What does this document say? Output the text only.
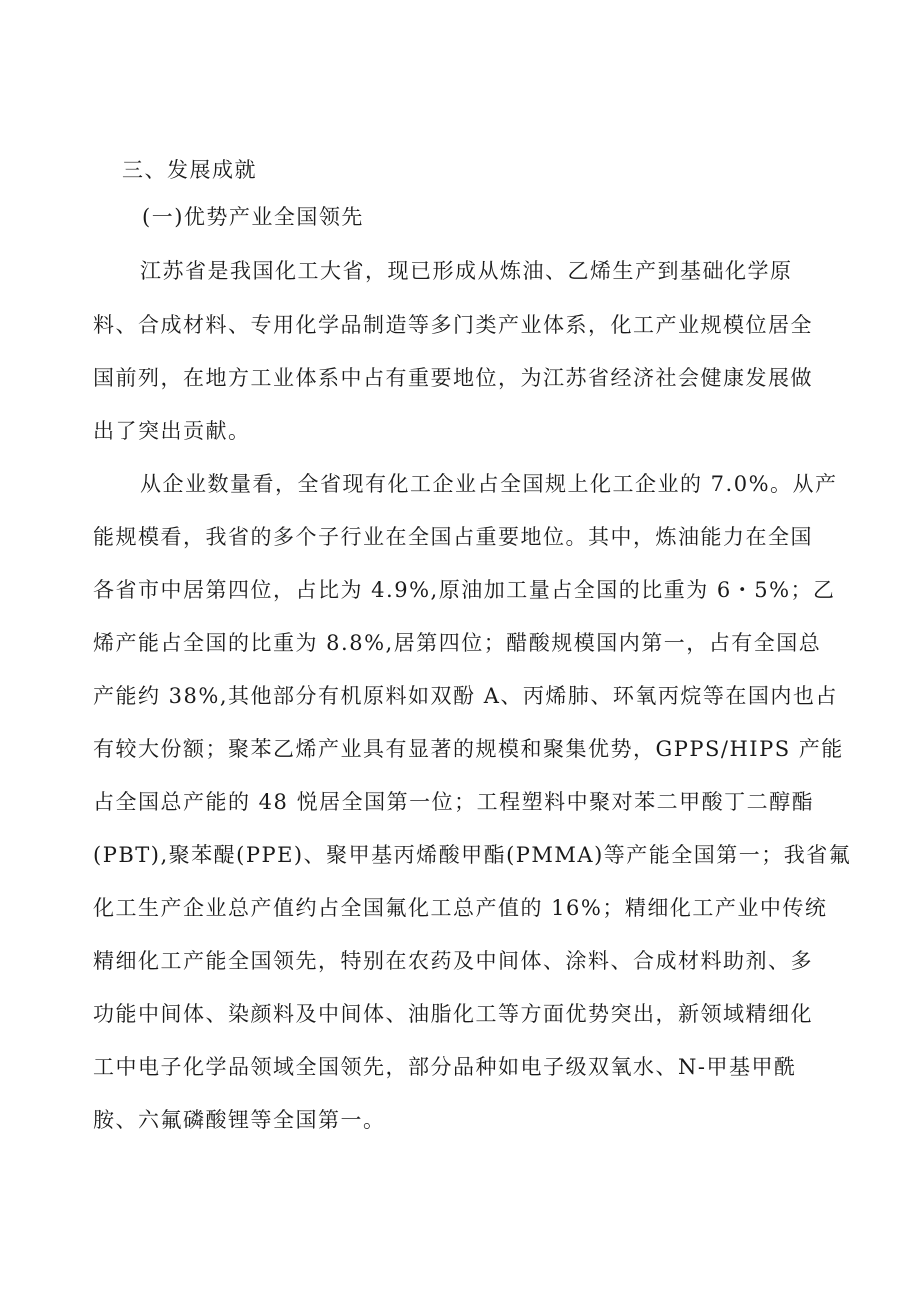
三、发展成就
(一)优势产业全国领先
江苏省是我国化工大省，现已形成从炼油、乙烯生产到基础化学原
料、合成材料、专用化学品制造等多门类产业体系，化工产业规模位居全
国前列，在地方工业体系中占有重要地位，为江苏省经济社会健康发展做
出了突出贡献。
从企业数量看，全省现有化工企业占全国规上化工企业的 7.0%。从产
能规模看，我省的多个子行业在全国占重要地位。其中，炼油能力在全国
各省市中居第四位，占比为 4.9%,原油加工量占全国的比重为 6・5%；乙
烯产能占全国的比重为 8.8%,居第四位；醋酸规模国内第一，占有全国总
产能约 38%,其他部分有机原料如双酚 A、丙烯肺、环氧丙烷等在国内也占
有较大份额；聚苯乙烯产业具有显著的规模和聚集优势，GPPS/HIPS 产能
占全国总产能的 48 悦居全国第一位；工程塑料中聚对苯二甲酸丁二醇酯
(PBT),聚苯醍(PPE)、聚甲基丙烯酸甲酯(PMMA)等产能全国第一；我省氟
化工生产企业总产值约占全国氟化工总产值的 16%；精细化工产业中传统
精细化工产能全国领先，特别在农药及中间体、涂料、合成材料助剂、多
功能中间体、染颜料及中间体、油脂化工等方面优势突出，新领域精细化
工中电子化学品领域全国领先，部分品种如电子级双氧水、N-甲基甲酰
胺、六氟磷酸锂等全国第一。
